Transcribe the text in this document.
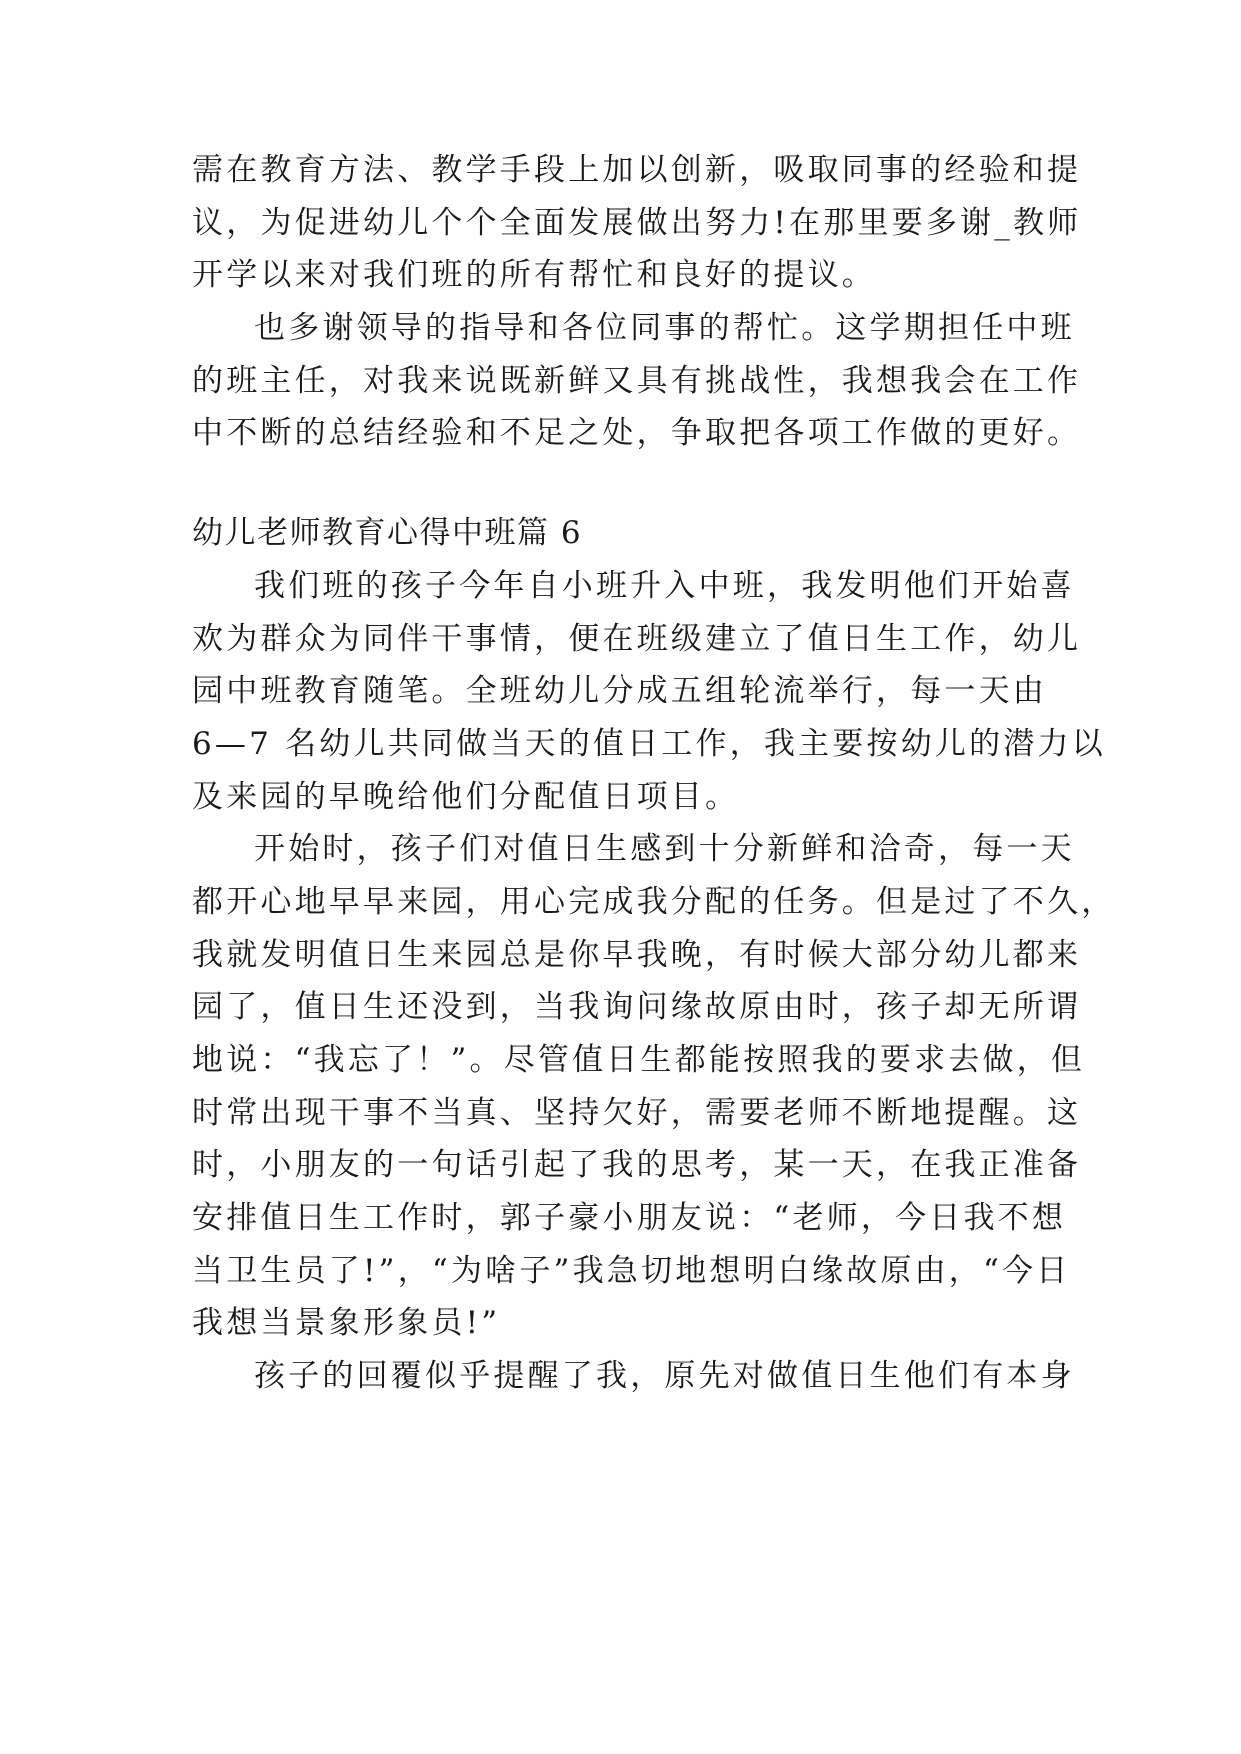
需在教育方法、教学手段上加以创新，吸取同事的经验和提
议，为促进幼儿个个全面发展做出努力!在那里要多谢_教师
开学以来对我们班的所有帮忙和良好的提议。
也多谢领导的指导和各位同事的帮忙。这学期担任中班
的班主任，对我来说既新鲜又具有挑战性，我想我会在工作
中不断的总结经验和不足之处，争取把各项工作做的更好。
幼儿老师教育心得中班篇 6
我们班的孩子今年自小班升入中班，我发明他们开始喜
欢为群众为同伴干事情，便在班级建立了值日生工作，幼儿
园中班教育随笔。全班幼儿分成五组轮流举行，每一天由
6—7 名幼儿共同做当天的值日工作，我主要按幼儿的潜力以
及来园的早晚给他们分配值日项目。
开始时，孩子们对值日生感到十分新鲜和洽奇，每一天
都开心地早早来园，用心完成我分配的任务。但是过了不久，
我就发明值日生来园总是你早我晚，有时候大部分幼儿都来
园了，值日生还没到，当我询问缘故原由时，孩子却无所谓
地说：“我忘了！”。尽管值日生都能按照我的要求去做，但
时常出现干事不当真、坚持欠好，需要老师不断地提醒。这
时，小朋友的一句话引起了我的思考，某一天，在我正准备
安排值日生工作时，郭子豪小朋友说：“老师，今日我不想
当卫生员了!”，“为啥子”我急切地想明白缘故原由，“今日
我想当景象形象员!”
孩子的回覆似乎提醒了我，原先对做值日生他们有本身
